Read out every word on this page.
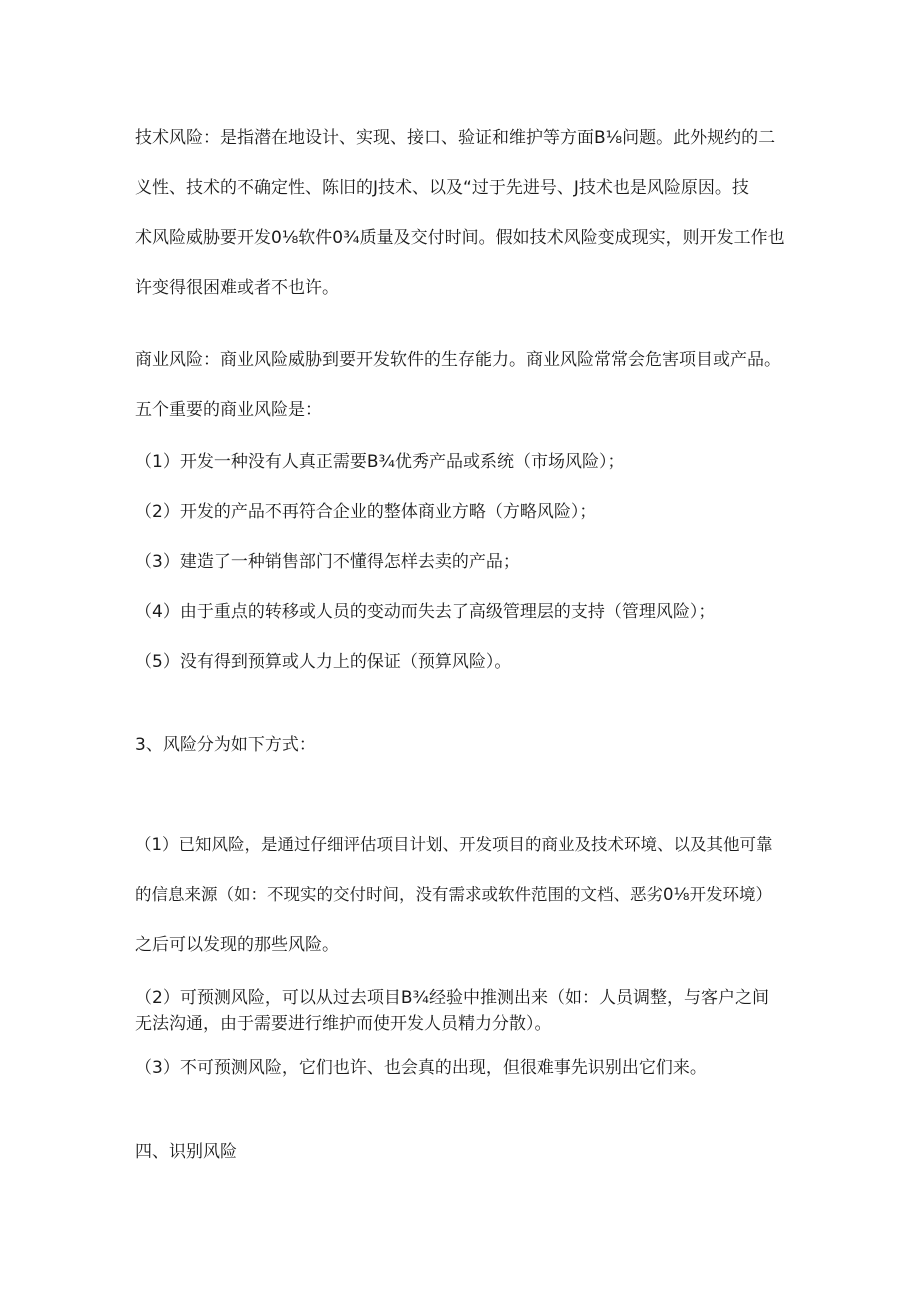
技术风险：是指潜在地设计、实现、接口、验证和维护等方面B⅛问题。此外规约的二

义性、技术的不确定性、陈旧的J技术、以及“过于先进号、J技术也是风险原因。技

术风险威胁要开发0⅛软件0¾质量及交付时间。假如技术风险变成现实，则开发工作也

许变得很困难或者不也许。

商业风险：商业风险威胁到要开发软件的生存能力。商业风险常常会危害项目或产品。

五个重要的商业风险是：

（1）开发一种没有人真正需要B¾优秀产品或系统（市场风险）；

（2）开发的产品不再符合企业的整体商业方略（方略风险）；

（3）建造了一种销售部门不懂得怎样去卖的产品；

（4）由于重点的转移或人员的变动而失去了高级管理层的支持（管理风险）；

（5）没有得到预算或人力上的保证（预算风险）。

3、风险分为如下方式：

（1）已知风险，是通过仔细评估项目计划、开发项目的商业及技术环境、以及其他可靠

的信息来源（如：不现实的交付时间，没有需求或软件范围的文档、恶劣0⅛开发环境）

之后可以发现的那些风险。

（2）可预测风险，可以从过去项目B¾经验中推测出来（如：人员调整，与客户之间

无法沟通，由于需要进行维护而使开发人员精力分散）。

（3）不可预测风险，它们也许、也会真的出现，但很难事先识别出它们来。

四、识别风险
